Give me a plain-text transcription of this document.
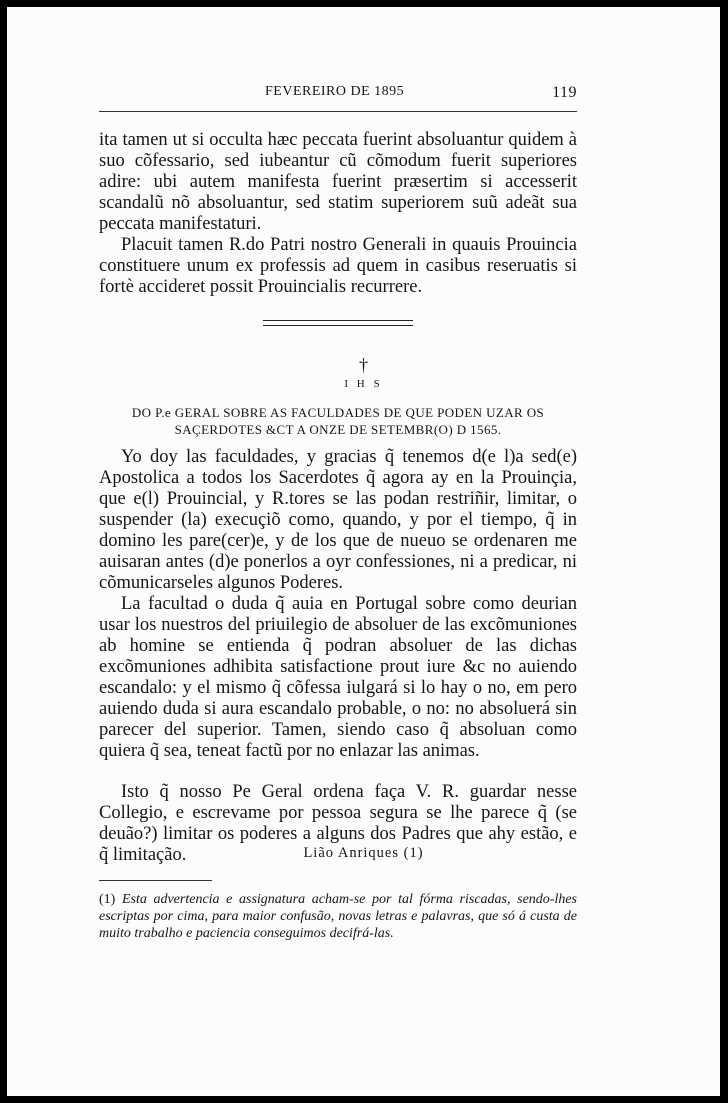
FEVEREIRO DE 1895	119

ita tamen ut si occulta hæc peccata fuerint absoluantur quidem à suo cõfessario, sed iubeantur cũ cõmodum fuerit superiores adire: ubi autem manifesta fuerint præsertim si accesserit scandalũ nõ absoluantur, sed statim superiorem suũ adeãt sua peccata manifestaturi.

Placuit tamen R.do Patri nostro Generali in quauis Prouincia constituere unum ex professis ad quem in casibus reseruatis si fortè accideret possit Prouincialis recurrere.

†
I H S
DO P.e GERAL SOBRE AS FACULDADES DE QUE PODEN UZAR OS SAÇERDOTES &CT A ONZE DE SETEMBR(O) D 1565.

Yo doy las faculdades, y gracias q̃ tenemos d(e l)a sed(e) Apostolica a todos los Sacerdotes q̃ agora ay en la Prouinçia, que e(l) Prouincial, y R.tores se las podan restriñir, limitar, o suspender (la) execuçiõ como, quando, y por el tiempo, q̃ in domino les pare(cer)e, y de los que de nueuo se ordenaren me auisaran antes (d)e ponerlos a oyr confessiones, ni a predicar, ni cõmunicarseles algunos Poderes.

La facultad o duda q̃ auia en Portugal sobre como deurian usar los nuestros del priuilegio de absoluer de las excõmuniones ab homine se entienda q̃ podran absoluer de las dichas excõmuniones adhibita satisfactione prout iure &c no auiendo escandalo: y el mismo q̃ cõfessa iulgará si lo hay o no, em pero auiendo duda si aura escandalo probable, o no: no absoluerá sin parecer del superior. Tamen, siendo caso q̃ absoluan como quiera q̃ sea, teneat factũ por no enlazar las animas.

Isto q̃ nosso Pe Geral ordena faça V. R. guardar nesse Collegio, e escrevame por pessoa segura se lhe parece q̃ (se deuão?) limitar os poderes a alguns dos Padres que ahy estão, e q̃ limitação.	Lião Anriques (1)
(1) Esta advertencia e assignatura acham-se por tal fórma riscadas, sendo-lhes escriptas por cima, para maior confusão, novas letras e palavras, que só á custa de muito trabalho e paciencia conseguimos decifrá-las.
